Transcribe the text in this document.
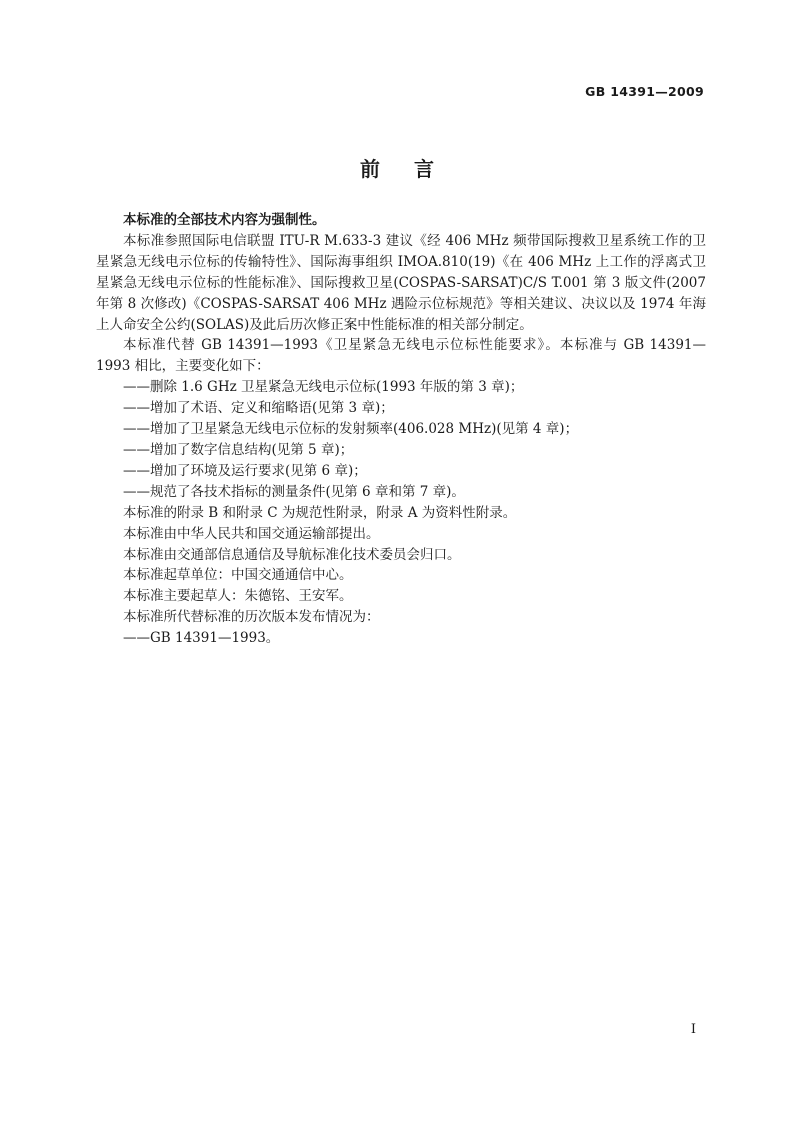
GB 14391—2009
前言

本标准的全部技术内容为强制性。

本标准参照国际电信联盟 ITU-R M.633-3 建议《经 406 MHz 频带国际搜救卫星系统工作的卫星紧急无线电示位标的传输特性》、国际海事组织 IMOA.810(19)《在 406 MHz 上工作的浮离式卫星紧急无线电示位标的性能标准》、国际搜救卫星(COSPAS-SARSAT)C/S T.001 第 3 版文件(2007 年第 8 次修改)《COSPAS-SARSAT 406 MHz 遇险示位标规范》等相关建议、决议以及 1974 年海上人命安全公约(SOLAS)及此后历次修正案中性能标准的相关部分制定。

本标准代替 GB 14391—1993《卫星紧急无线电示位标性能要求》。本标准与 GB 14391—1993 相比，主要变化如下：

——删除 1.6 GHz 卫星紧急无线电示位标(1993 年版的第 3 章)；

——增加了术语、定义和缩略语(见第 3 章)；

——增加了卫星紧急无线电示位标的发射频率(406.028 MHz)(见第 4 章)；

——增加了数字信息结构(见第 5 章)；

——增加了环境及运行要求(见第 6 章)；

——规范了各技术指标的测量条件(见第 6 章和第 7 章)。

本标准的附录 B 和附录 C 为规范性附录，附录 A 为资料性附录。

本标准由中华人民共和国交通运输部提出。

本标准由交通部信息通信及导航标准化技术委员会归口。

本标准起草单位：中国交通通信中心。

本标准主要起草人：朱德铭、王安军。

本标准所代替标准的历次版本发布情况为：

——GB 14391—1993。

I
